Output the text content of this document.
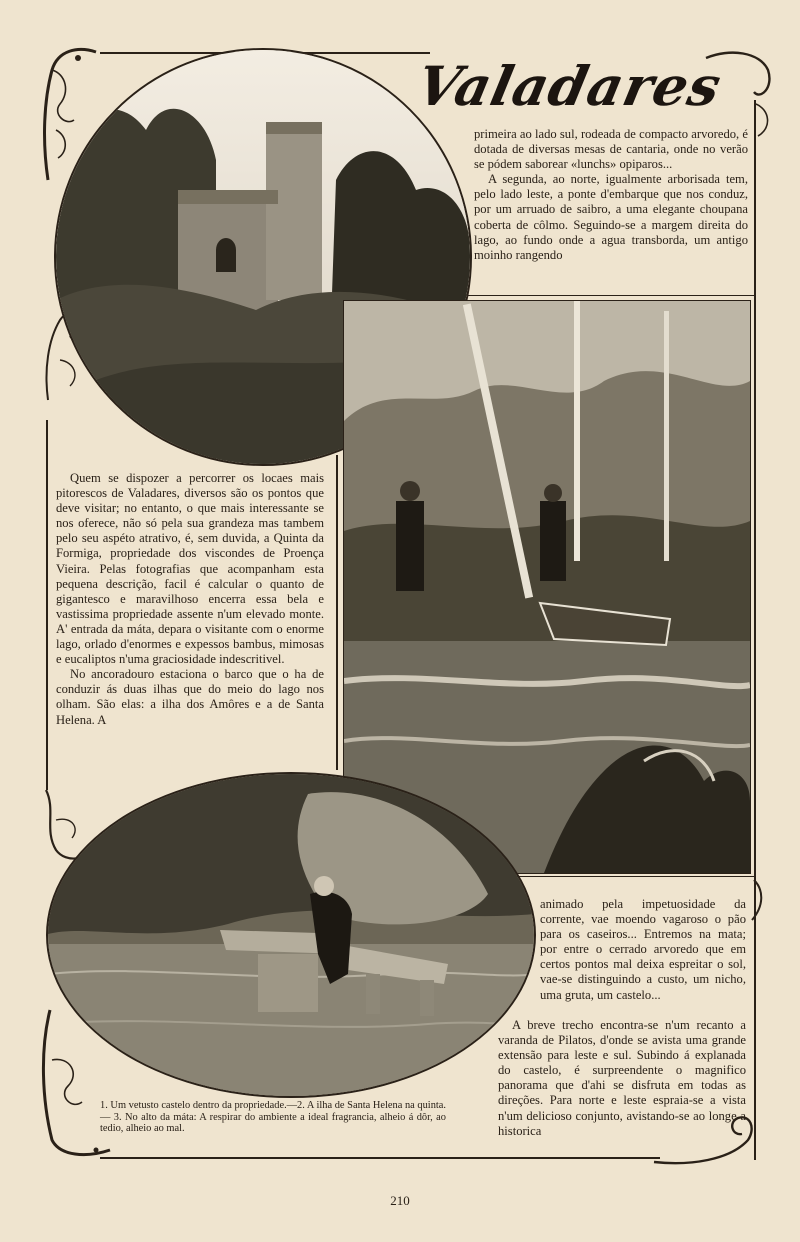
Valadares

primeira ao lado sul, rodeada de compacto arvoredo, é dotada de diversas mesas de cantaria, onde no verão se pódem saborear «lunchs» opiparos...

A segunda, ao norte, igualmente arborisada tem, pelo lado leste, a ponte d'embarque que nos conduz, por um arruado de saibro, a uma elegante choupana coberta de côlmo. Seguindo-se a margem direita do lago, ao fundo onde a agua transborda, um antigo moinho rangendo

Quem se dispozer a percorrer os locaes mais pitorescos de Valadares, diversos são os pontos que deve visitar; no entanto, o que mais interessante se nos oferece, não só pela sua grandeza mas tambem pelo seu aspéto atrativo, é, sem duvida, a Quinta da Formiga, propriedade dos viscondes de Proença Vieira. Pelas fotografias que acompanham esta pequena descrição, facil é calcular o quanto de gigantesco e maravilhoso encerra essa bela e vastissima propriedade assente n'um elevado monte. A' entrada da máta, depara o visitante com o enorme lago, orlado d'enormes e expessos bambus, mimosas e eucaliptos n'uma graciosidade indescritivel.

No ancoradouro estaciona o barco que o ha de conduzir ás duas ilhas que do meio do lago nos olham. São elas: a ilha dos Amôres e a de Santa Helena. A

animado pela impetuosidade da corrente, vae moendo vagaroso o pão para os caseiros... Entremos na mata; por entre o cerrado arvoredo que em certos pontos mal deixa espreitar o sol, vae-se distinguindo a custo, um nicho, uma gruta, um castelo...

A breve trecho encontra-se n'um recanto a varanda de Pilatos, d'onde se avista uma grande extensão para leste e sul. Subindo á explanada do castelo, é surpreendente o magnifico panorama que d'ahi se disfruta em todas as direções. Para norte e leste espraia-se a vista n'um delicioso conjunto, avistando-se ao longe a historica

1. Um vetusto castelo dentro da propriedade.—2. A ilha de Santa Helena na quinta. — 3. No alto da máta: A respirar do ambiente a ideal fragrancia, alheio á dôr, ao tedio, alheio ao mal.
210
